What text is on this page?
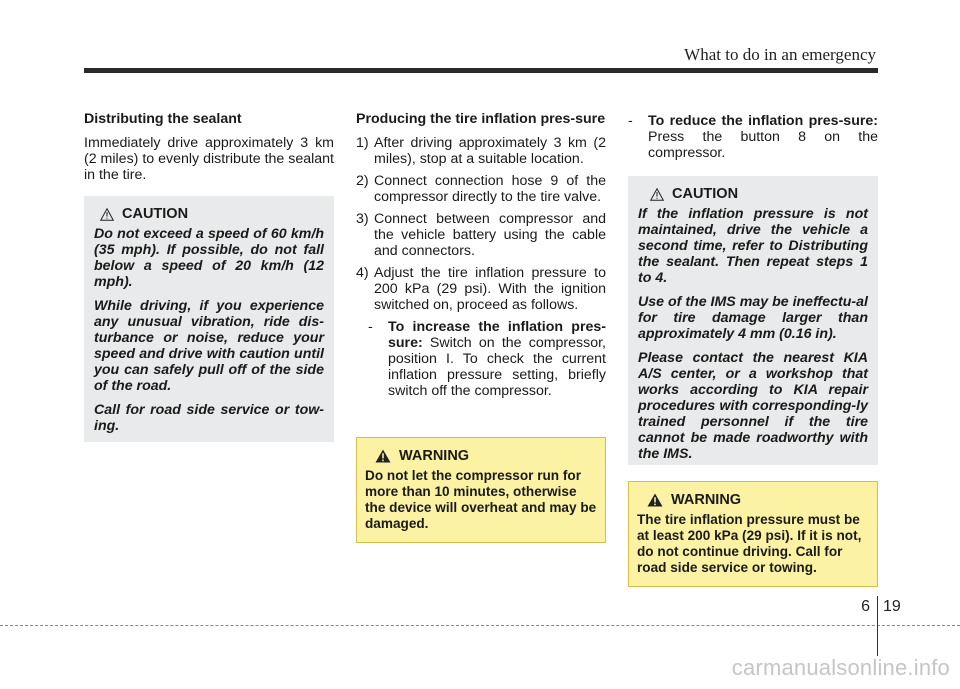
What to do in an emergency
Distributing the sealant
Immediately drive approximately 3 km (2 miles) to evenly distribute the sealant in the tire.
CAUTION
Do not exceed a speed of 60 km/h (35 mph). If possible, do not fall below a speed of 20 km/h (12 mph).
While driving, if you experience any unusual vibration, ride dis-turbance or noise, reduce your speed and drive with caution until you can safely pull off of the side of the road.
Call for road side service or tow-ing.
Producing the tire inflation pres-sure
1) After driving approximately 3 km (2 miles), stop at a suitable location.
2) Connect connection hose 9 of the compressor directly to the tire valve.
3) Connect between compressor and the vehicle battery using the cable and connectors.
4) Adjust the tire inflation pressure to 200 kPa (29 psi). With the ignition switched on, proceed as follows.
-	To increase the inflation pres-sure: Switch on the compressor, position I. To check the current inflation pressure setting, briefly switch off the compressor.
WARNING
Do not let the compressor run for more than 10 minutes, otherwise the device will overheat and may be damaged.
-	To reduce the inflation pres-sure: Press the button 8 on the compressor.
CAUTION
If the inflation pressure is not maintained, drive the vehicle a second time, refer to Distributing the sealant. Then repeat steps 1 to 4.
Use of the IMS may be ineffectu-al for tire damage larger than approximately 4 mm (0.16 in).
Please contact the nearest KIA A/S center, or a workshop that works according to KIA repair procedures with corresponding-ly trained personnel if the tire cannot be made roadworthy with the IMS.
WARNING
The tire inflation pressure must be at least 200 kPa (29 psi). If it is not, do not continue driving. Call for road side service or towing.
6 19
carmanualsonline.info
